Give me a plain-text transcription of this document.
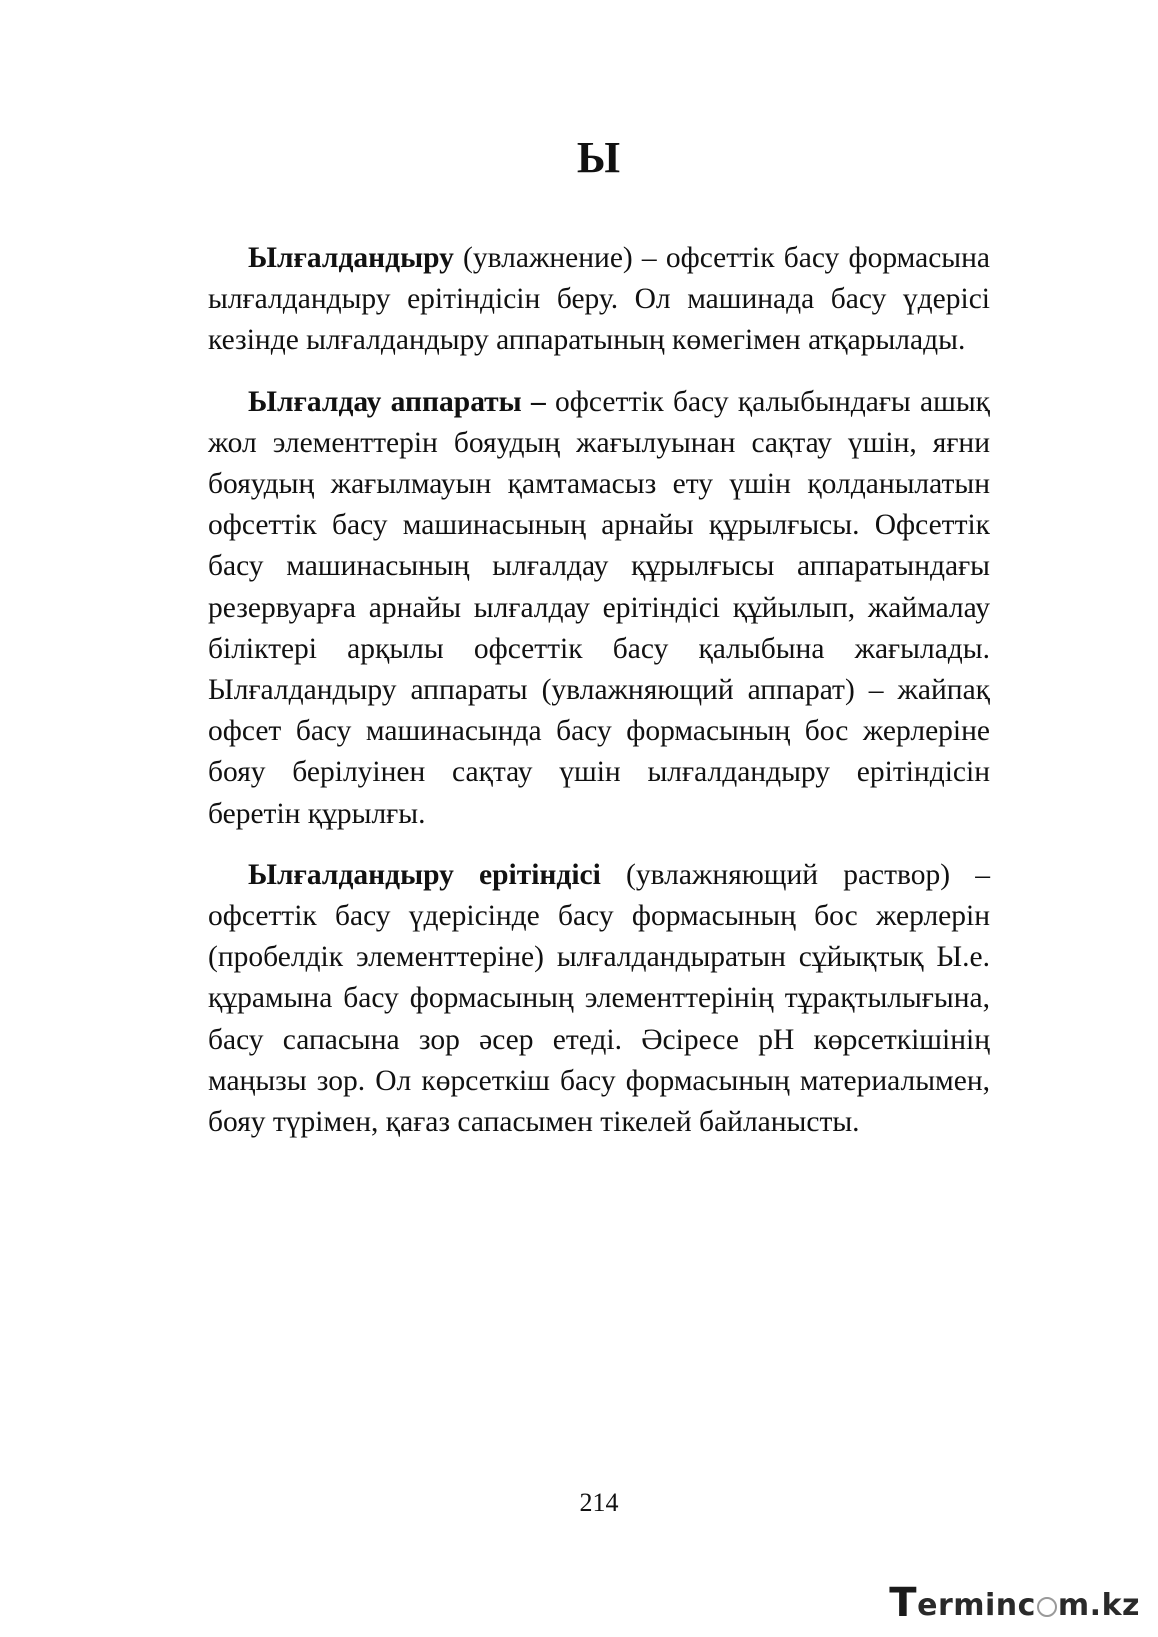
Ы

Ылғалдандыру (увлажнение) – офсеттік басу формасына ылғалдандыру ерітіндісін беру. Ол машинада басу үдерісі кезінде ылғалдандыру аппаратының көмегімен атқарылады.

Ылғалдау аппараты – офсеттік басу қалыбындағы ашық жол элементтерін бояудың жағылуынан сақтау үшін, яғни бояудың жағылмауын қамтамасыз ету үшін қолданылатын офсеттік басу машинасының арнайы құрылғысы. Офсеттік басу машинасының ылғалдау құрылғысы аппаратындағы резервуарға арнайы ылғалдау ерітіндісі құйылып, жаймалау біліктері арқылы офсеттік басу қалыбына жағылады. Ылғалдандыру аппараты (увлажняющий аппарат) – жайпақ офсет басу машинасында басу формасының бос жерлеріне бояу берілуінен сақтау үшін ылғалдандыру ерітіндісін беретін құрылғы.

Ылғалдандыру ерітіндісі (увлажняющий раствор) – офсеттік басу үдерісінде басу формасының бос жерлерін (пробелдік элементтеріне) ылғалдандыратын сұйықтық Ы.е. құрамына басу формасының элементтерінің тұрақтылығына, басу сапасына зор әсер етеді. Әсіресе pH көрсеткішінің маңызы зор. Ол көрсеткіш басу формасының материалымен, бояу түрімен, қағаз сапасымен тікелей байланысты.

214
T erminc m.kz
